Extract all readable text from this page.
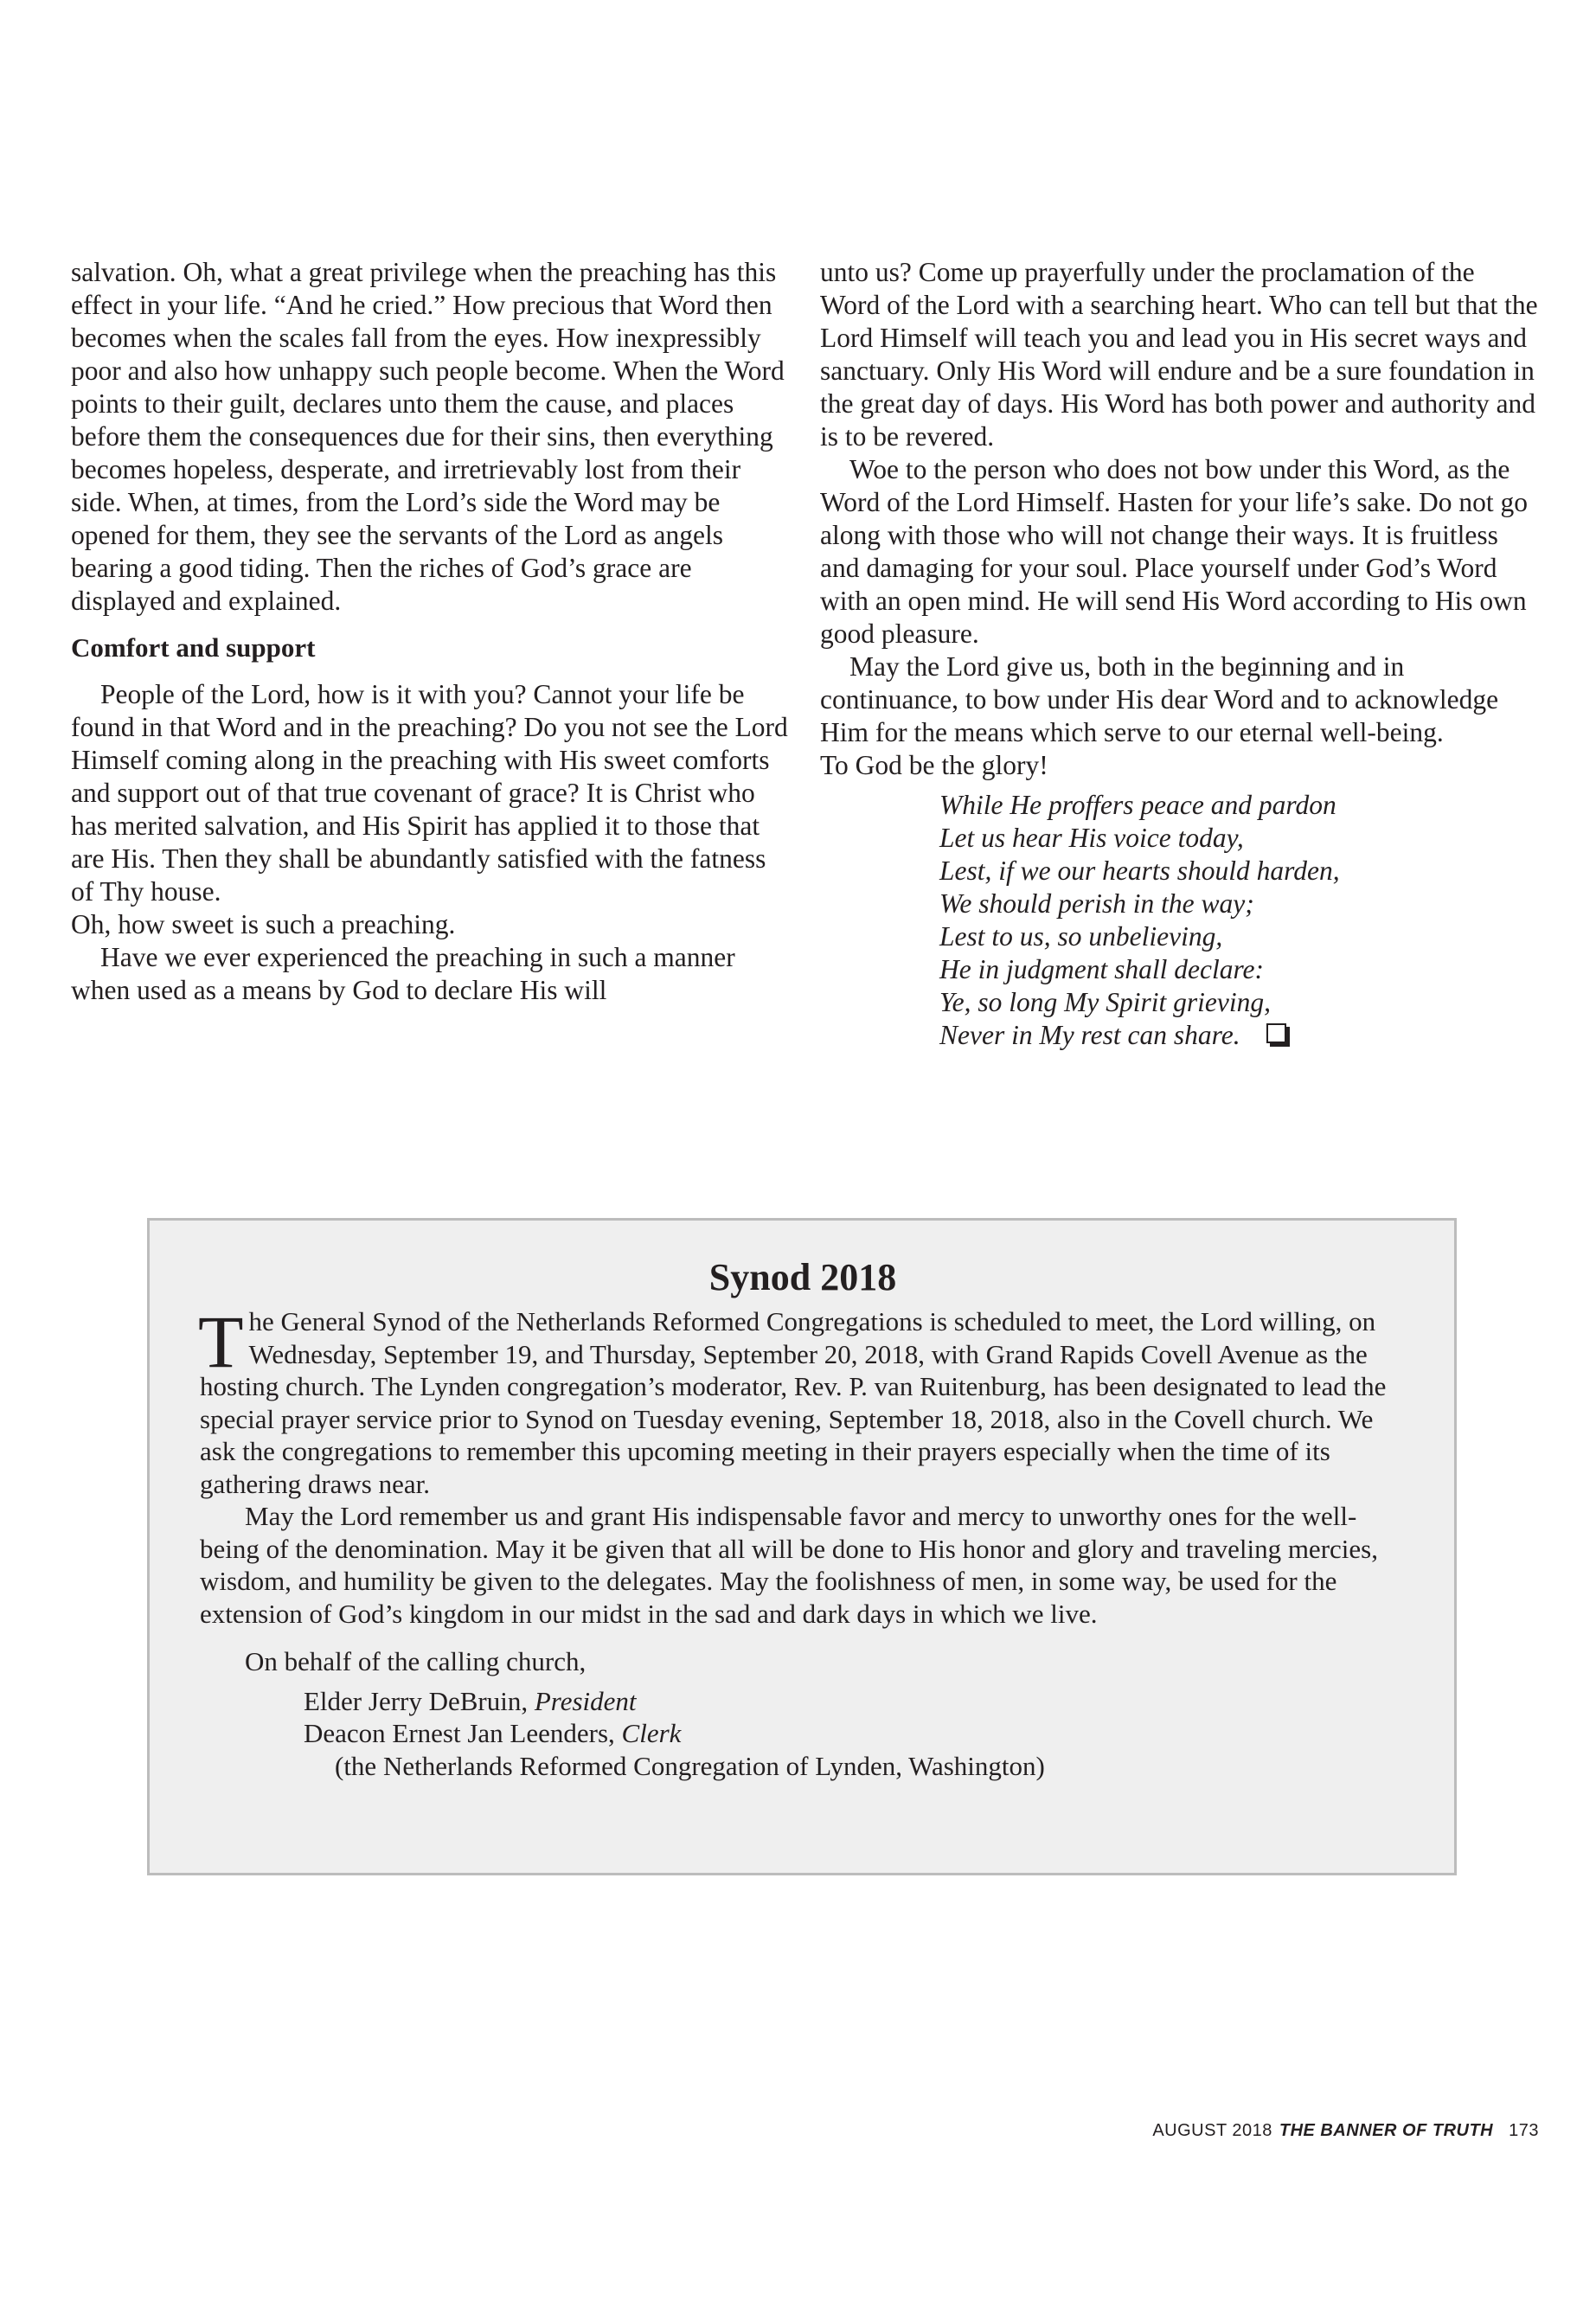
salvation. Oh, what a great privilege when the preaching has this effect in your life. “And he cried.” How precious that Word then becomes when the scales fall from the eyes. How inexpressibly poor and also how unhappy such people become. When the Word points to their guilt, declares unto them the cause, and places before them the consequences due for their sins, then everything becomes hopeless, desperate, and irretrievably lost from their side. When, at times, from the Lord’s side the Word may be opened for them, they see the servants of the Lord as angels bearing a good tiding. Then the riches of God’s grace are displayed and explained.

Comfort and support

People of the Lord, how is it with you? Cannot your life be found in that Word and in the preaching? Do you not see the Lord Himself coming along in the preaching with His sweet comforts and support out of that true covenant of grace? It is Christ who has merited salvation, and His Spirit has applied it to those that are His. Then they shall be abundantly satisfied with the fatness of Thy house.

Oh, how sweet is such a preaching.

Have we ever experienced the preaching in such a manner when used as a means by God to declare His will

unto us? Come up prayerfully under the proclamation of the Word of the Lord with a searching heart. Who can tell but that the Lord Himself will teach you and lead you in His secret ways and sanctuary. Only His Word will endure and be a sure foundation in the great day of days. His Word has both power and authority and is to be revered.

Woe to the person who does not bow under this Word, as the Word of the Lord Himself. Hasten for your life’s sake. Do not go along with those who will not change their ways. It is fruitless and damaging for your soul. Place yourself under God’s Word with an open mind. He will send His Word according to His own good pleasure.

May the Lord give us, both in the beginning and in continuance, to bow under His dear Word and to acknowledge Him for the means which serve to our eternal well-being.

To God be the glory!

While He proffers peace and pardon
Let us hear His voice today,
Lest, if we our hearts should harden,
We should perish in the way;
Lest to us, so unbelieving,
He in judgment shall declare:
Ye, so long My Spirit grieving,
Never in My rest can share.
Synod 2018

The General Synod of the Netherlands Reformed Congregations is scheduled to meet, the Lord willing, on Wednesday, September 19, and Thursday, September 20, 2018, with Grand Rapids Covell Avenue as the hosting church. The Lynden congregation’s moderator, Rev. P. van Ruitenburg, has been designated to lead the special prayer service prior to Synod on Tuesday evening, September 18, 2018, also in the Covell church. We ask the congregations to remember this upcoming meeting in their prayers especially when the time of its gathering draws near.

May the Lord remember us and grant His indispensable favor and mercy to unworthy ones for the well-being of the denomination. May it be given that all will be done to His honor and glory and traveling mercies, wisdom, and humility be given to the delegates. May the foolishness of men, in some way, be used for the extension of God’s kingdom in our midst in the sad and dark days in which we live.

On behalf of the calling church,

Elder Jerry DeBruin, President

Deacon Ernest Jan Leenders, Clerk

(the Netherlands Reformed Congregation of Lynden, Washington)

AUGUST 2018 THE BANNER OF TRUTH 173
